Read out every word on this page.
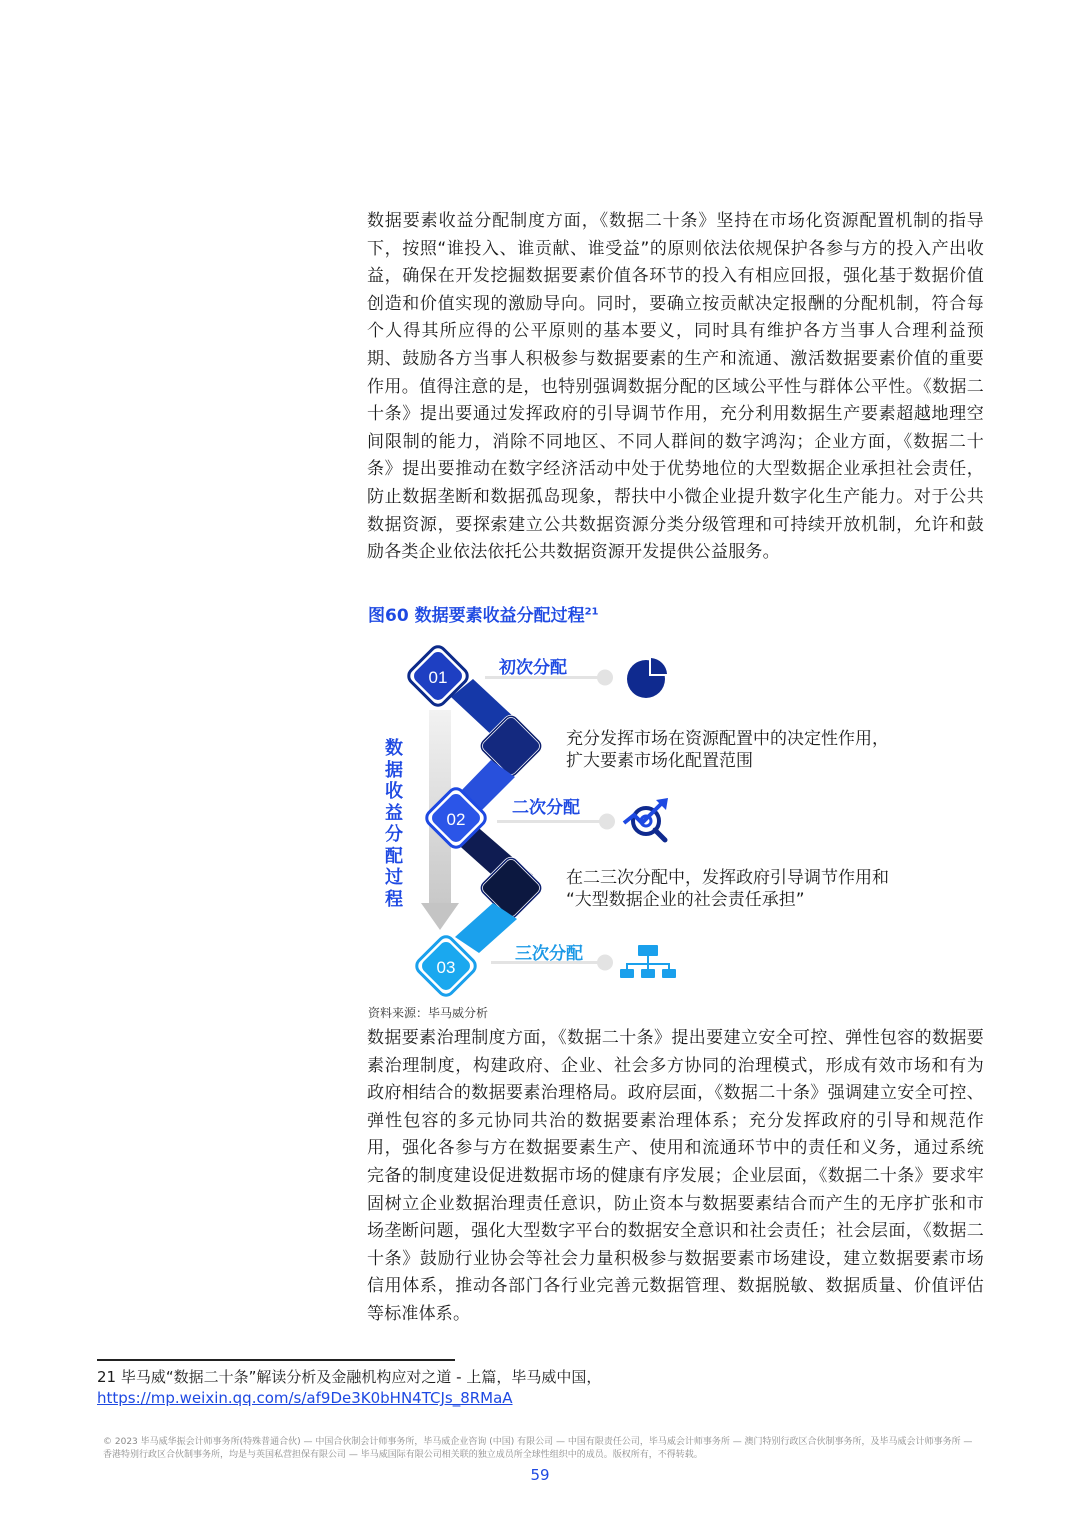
数据要素收益分配制度方面，《数据二十条》坚持在市场化资源配置机制的指导下，按照“谁投入、谁贡献、谁受益”的原则依法依规保护各参与方的投入产出收益，确保在开发挖掘数据要素价值各环节的投入有相应回报，强化基于数据价值创造和价值实现的激励导向。同时，要确立按贡献决定报酬的分配机制，符合每个人得其所应得的公平原则的基本要义，同时具有维护各方当事人合理利益预期、鼓励各方当事人积极参与数据要素的生产和流通、激活数据要素价值的重要作用。值得注意的是，也特别强调数据分配的区域公平性与群体公平性。《数据二十条》提出要通过发挥政府的引导调节作用，充分利用数据生产要素超越地理空间限制的能力，消除不同地区、不同人群间的数字鸿沟；企业方面，《数据二十条》提出要推动在数字经济活动中处于优势地位的大型数据企业承担社会责任，防止数据垄断和数据孤岛现象，帮扶中小微企业提升数字化生产能力。对于公共数据资源，要探索建立公共数据资源分类分级管理和可持续开放机制，允许和鼓励各类企业依法依托公共数据资源开发提供公益服务。

图60 数据要素收益分配过程$^{21}$

数
据
收
益
分
配
过
程
01
02
03
初次分配
二次分配
三次分配
充分发挥市场在资源配置中的决定性作用，
扩大要素市场化配置范围
在二三次分配中，发挥政府引导调节作用和
“大型数据企业的社会责任承担”
资料来源：毕马威分析

数据要素治理制度方面，《数据二十条》提出要建立安全可控、弹性包容的数据要素治理制度，构建政府、企业、社会多方协同的治理模式，形成有效市场和有为政府相结合的数据要素治理格局。政府层面，《数据二十条》强调建立安全可控、弹性包容的多元协同共治的数据要素治理体系；充分发挥政府的引导和规范作用，强化各参与方在数据要素生产、使用和流通环节中的责任和义务，通过系统完备的制度建设促进数据市场的健康有序发展；企业层面，《数据二十条》要求牢固树立企业数据治理责任意识，防止资本与数据要素结合而产生的无序扩张和市场垄断问题，强化大型数字平台的数据安全意识和社会责任；社会层面，《数据二十条》鼓励行业协会等社会力量积极参与数据要素市场建设，建立数据要素市场信用体系，推动各部门各行业完善元数据管理、数据脱敏、数据质量、价值评估等标准体系。

21 毕马威“数据二十条”解读分析及金融机构应对之道 - 上篇，毕马威中国，
https://mp.weixin.qq.com/s/af9De3K0bHN4TCJs_8RMaA
© 2023 毕马威华振会计师事务所(特殊普通合伙) — 中国合伙制会计师事务所，毕马威企业咨询 (中国) 有限公司 — 中国有限责任公司，毕马威会计师事务所 — 澳门特别行政区合伙制事务所，及毕马威会计师事务所 — 香港特别行政区合伙制事务所，均是与英国私营担保有限公司 — 毕马威国际有限公司相关联的独立成员所全球性组织中的成员。版权所有，不得转载。
59
